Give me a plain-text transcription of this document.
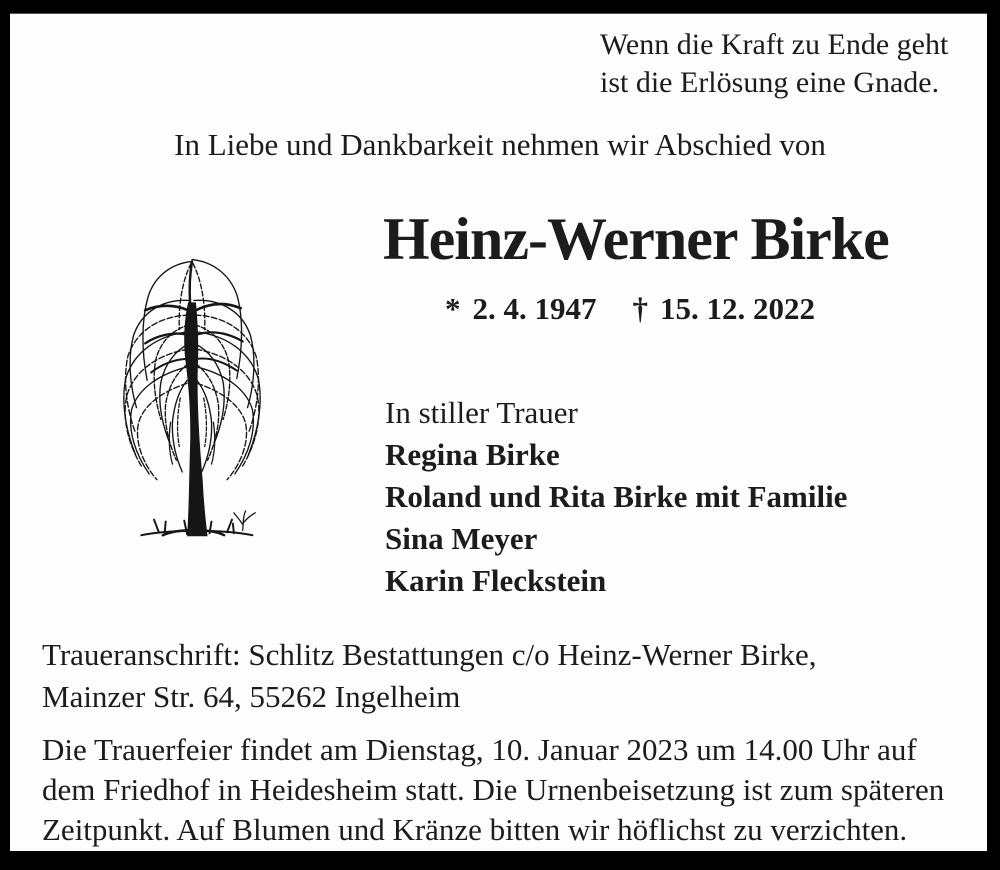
Wenn die Kraft zu Ende geht
ist die Erlösung eine Gnade.
In Liebe und Dankbarkeit nehmen wir Abschied von
Heinz-Werner Birke
* 2. 4. 1947 † 15. 12. 2022
In stiller Trauer
Regina Birke
Roland und Rita Birke mit Familie
Sina Meyer
Karin Fleckstein
Traueranschrift: Schlitz Bestattungen c/o Heinz-Werner Birke,
Mainzer Str. 64, 55262 Ingelheim
Die Trauerfeier findet am Dienstag, 10. Januar 2023 um 14.00 Uhr auf
dem Friedhof in Heidesheim statt. Die Urnenbeisetzung ist zum späteren
Zeitpunkt. Auf Blumen und Kränze bitten wir höflichst zu verzichten.
